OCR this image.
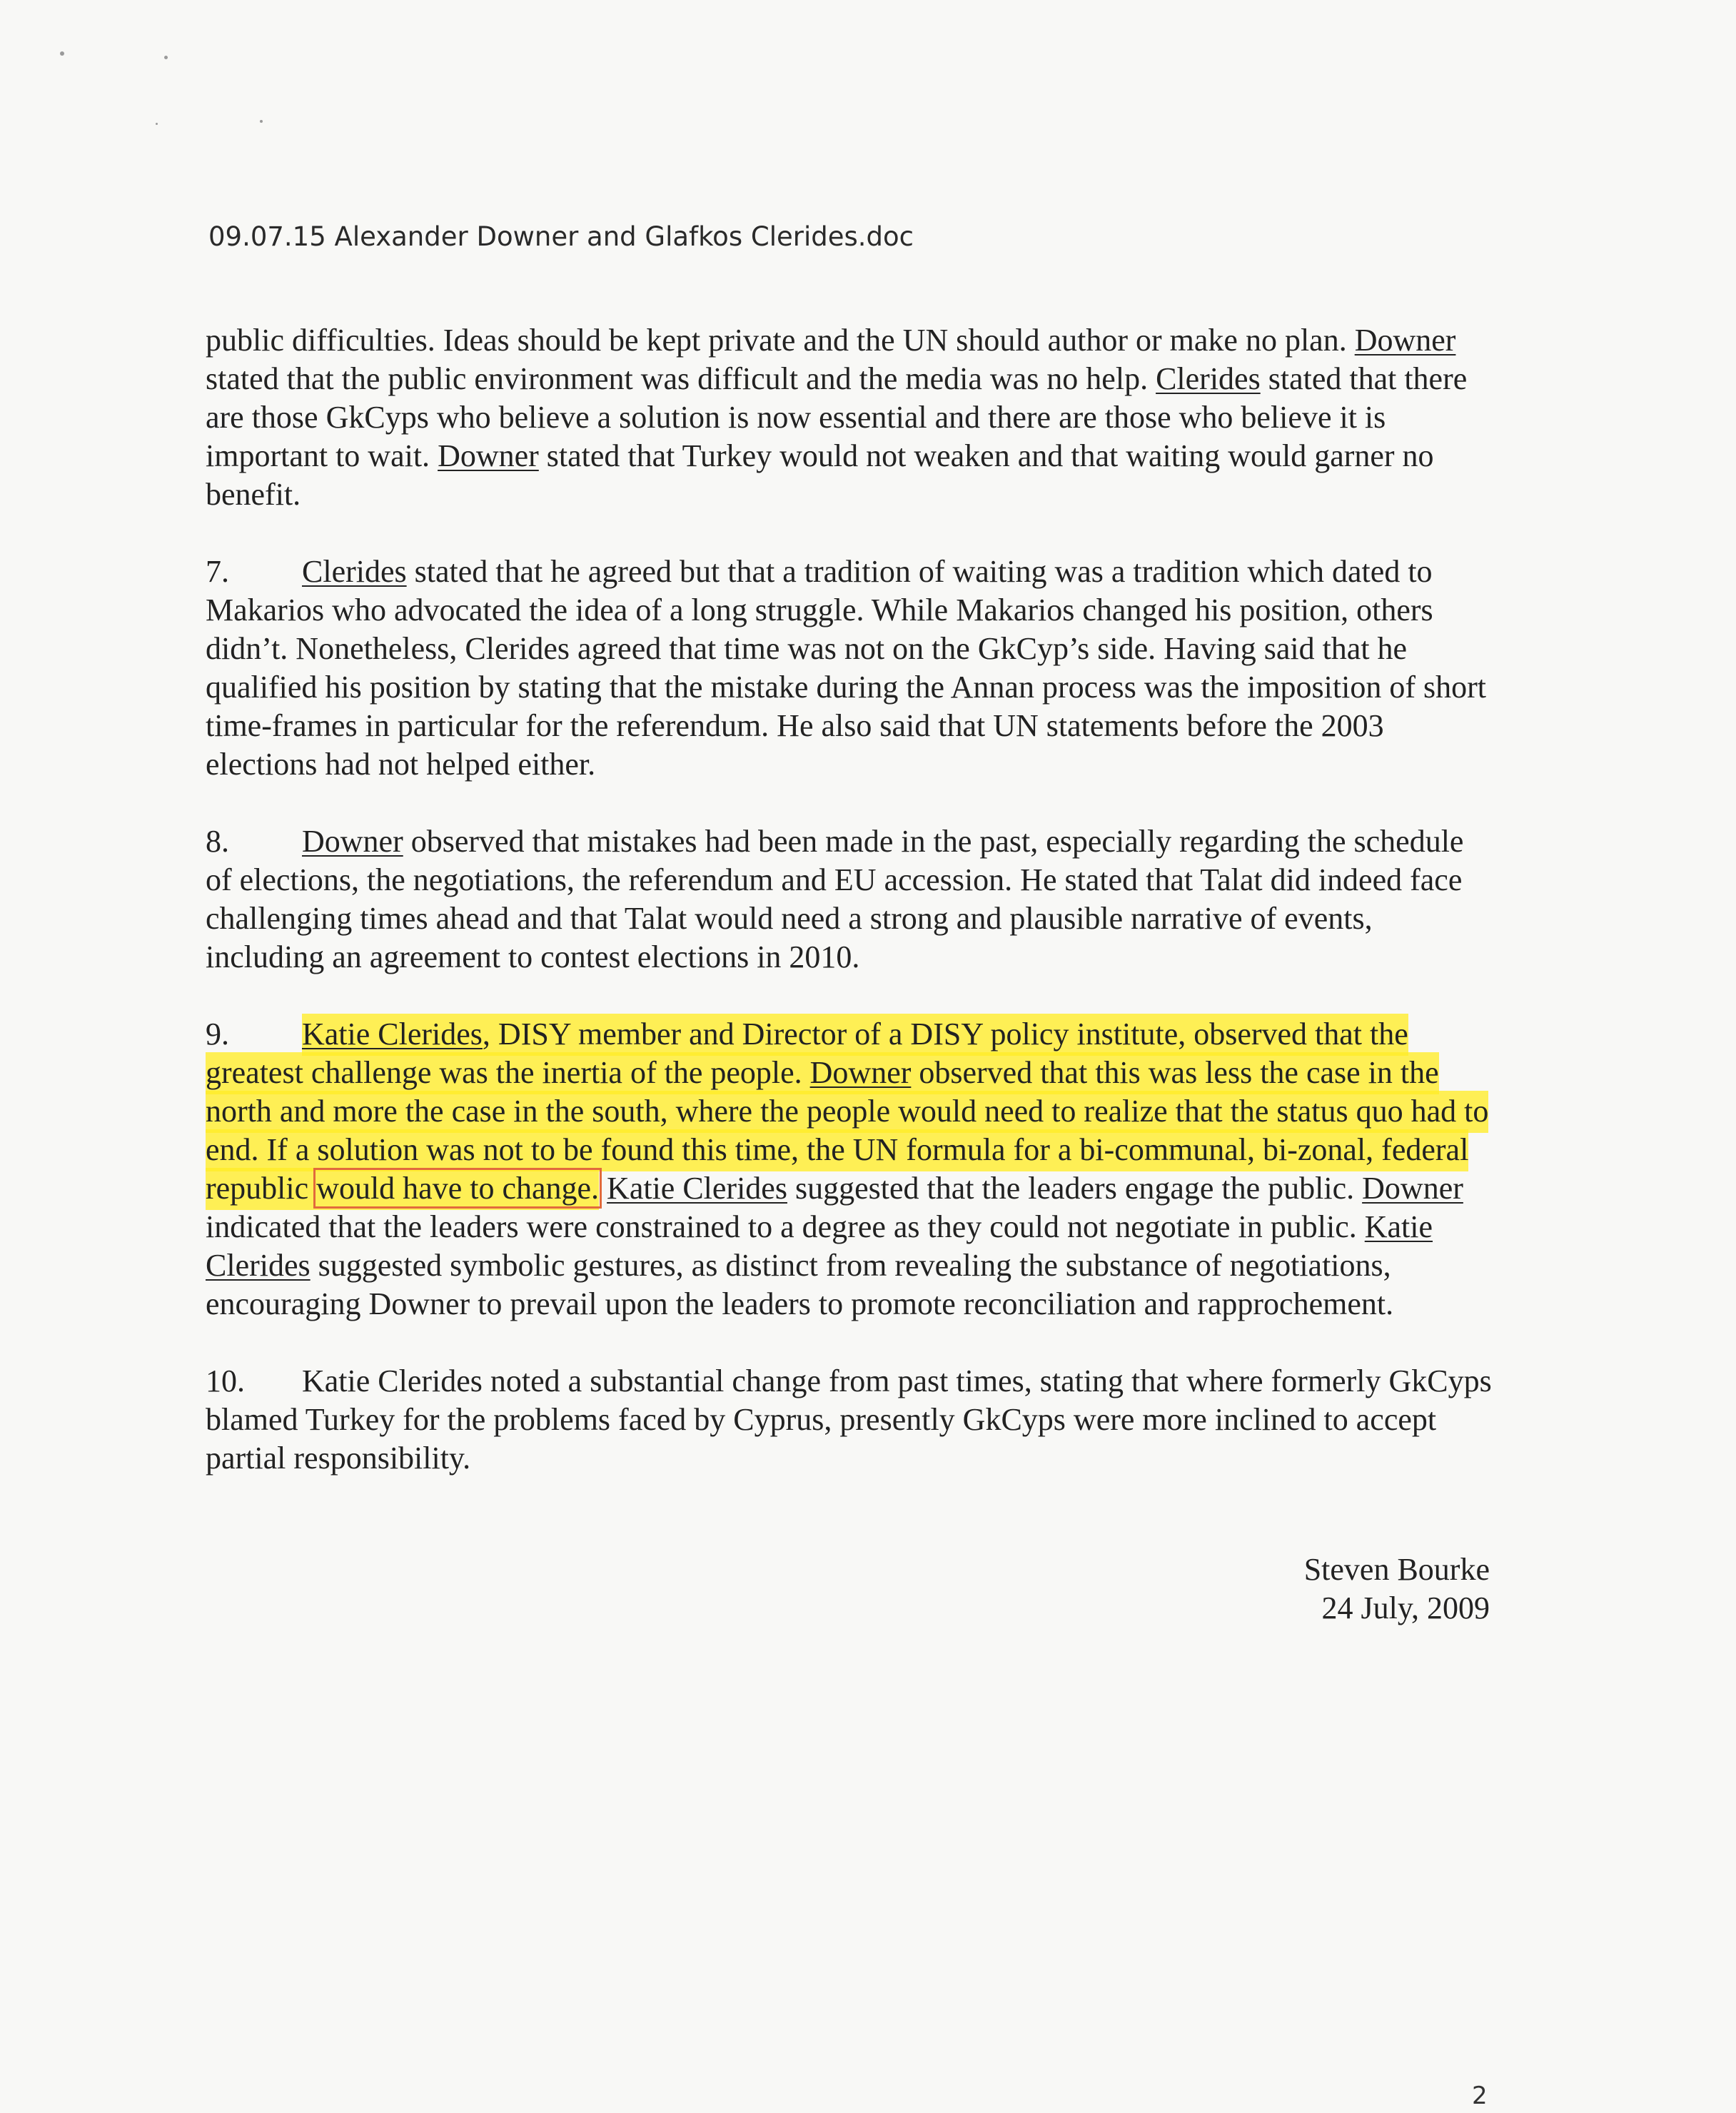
09.07.15 Alexander Downer and Glafkos Clerides.doc

public difficulties. Ideas should be kept private and the UN should author or make no plan. Downer stated that the public environment was difficult and the media was no help. Clerides stated that there are those GkCyps who believe a solution is now essential and there are those who believe it is important to wait. Downer stated that Turkey would not weaken and that waiting would garner no benefit.

7. Clerides stated that he agreed but that a tradition of waiting was a tradition which dated to Makarios who advocated the idea of a long struggle. While Makarios changed his position, others didn’t. Nonetheless, Clerides agreed that time was not on the GkCyp’s side. Having said that he qualified his position by stating that the mistake during the Annan process was the imposition of short time-frames in particular for the referendum. He also said that UN statements before the 2003 elections had not helped either.

8. Downer observed that mistakes had been made in the past, especially regarding the schedule of elections, the negotiations, the referendum and EU accession. He stated that Talat did indeed face challenging times ahead and that Talat would need a strong and plausible narrative of events, including an agreement to contest elections in 2010.

9. Katie Clerides, DISY member and Director of a DISY policy institute, observed that the greatest challenge was the inertia of the people. Downer observed that this was less the case in the north and more the case in the south, where the people would need to realize that the status quo had to end. If a solution was not to be found this time, the UN formula for a bi-communal, bi-zonal, federal republic would have to change. Katie Clerides suggested that the leaders engage the public. Downer indicated that the leaders were constrained to a degree as they could not negotiate in public. Katie Clerides suggested symbolic gestures, as distinct from revealing the substance of negotiations, encouraging Downer to prevail upon the leaders to promote reconciliation and rapprochement.

10. Katie Clerides noted a substantial change from past times, stating that where formerly GkCyps blamed Turkey for the problems faced by Cyprus, presently GkCyps were more inclined to accept partial responsibility.

Steven Bourke
24 July, 2009
2
